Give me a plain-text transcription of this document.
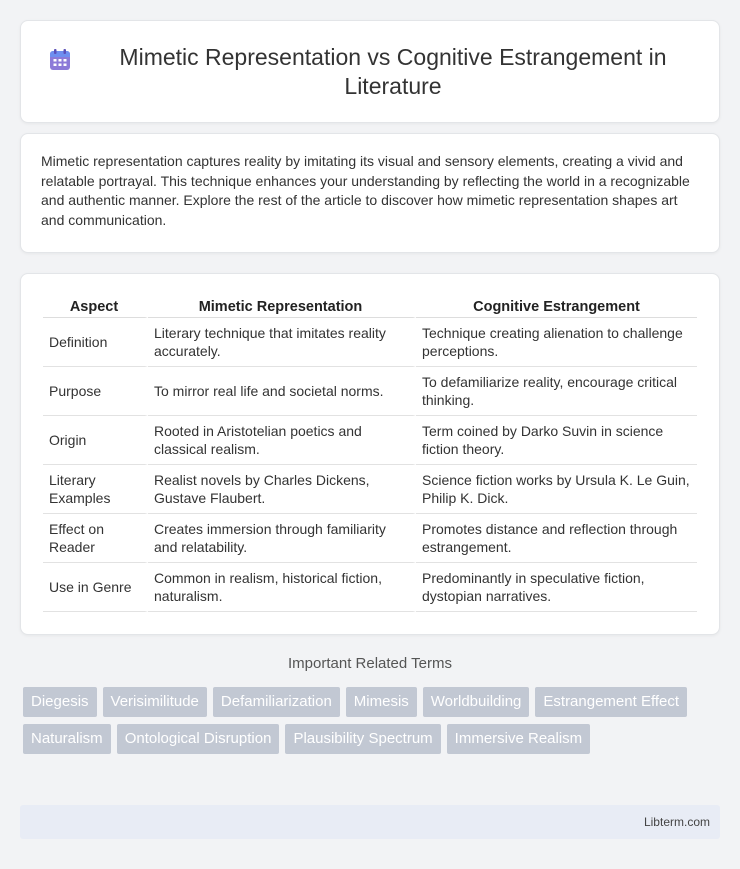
Mimetic Representation vs Cognitive Estrangement in Literature

Mimetic representation captures reality by imitating its visual and sensory elements, creating a vivid and relatable portrayal. This technique enhances your understanding by reflecting the world in a recognizable and authentic manner. Explore the rest of the article to discover how mimetic representation shapes art and communication.

Aspect	Mimetic Representation	Cognitive Estrangement
Definition	Literary technique that imitates reality accurately.	Technique creating alienation to challenge perceptions.
Purpose	To mirror real life and societal norms.	To defamiliarize reality, encourage critical thinking.
Origin	Rooted in Aristotelian poetics and classical realism.	Term coined by Darko Suvin in science fiction theory.
Literary Examples	Realist novels by Charles Dickens, Gustave Flaubert.	Science fiction works by Ursula K. Le Guin, Philip K. Dick.
Effect on Reader	Creates immersion through familiarity and relatability.	Promotes distance and reflection through estrangement.
Use in Genre	Common in realism, historical fiction, naturalism.	Predominantly in speculative fiction, dystopian narratives.
Important Related Terms
Diegesis	Verisimilitude	Defamiliarization	Mimesis	Worldbuilding	Estrangement Effect
Naturalism	Ontological Disruption	Plausibility Spectrum	Immersive Realism
Libterm.com
